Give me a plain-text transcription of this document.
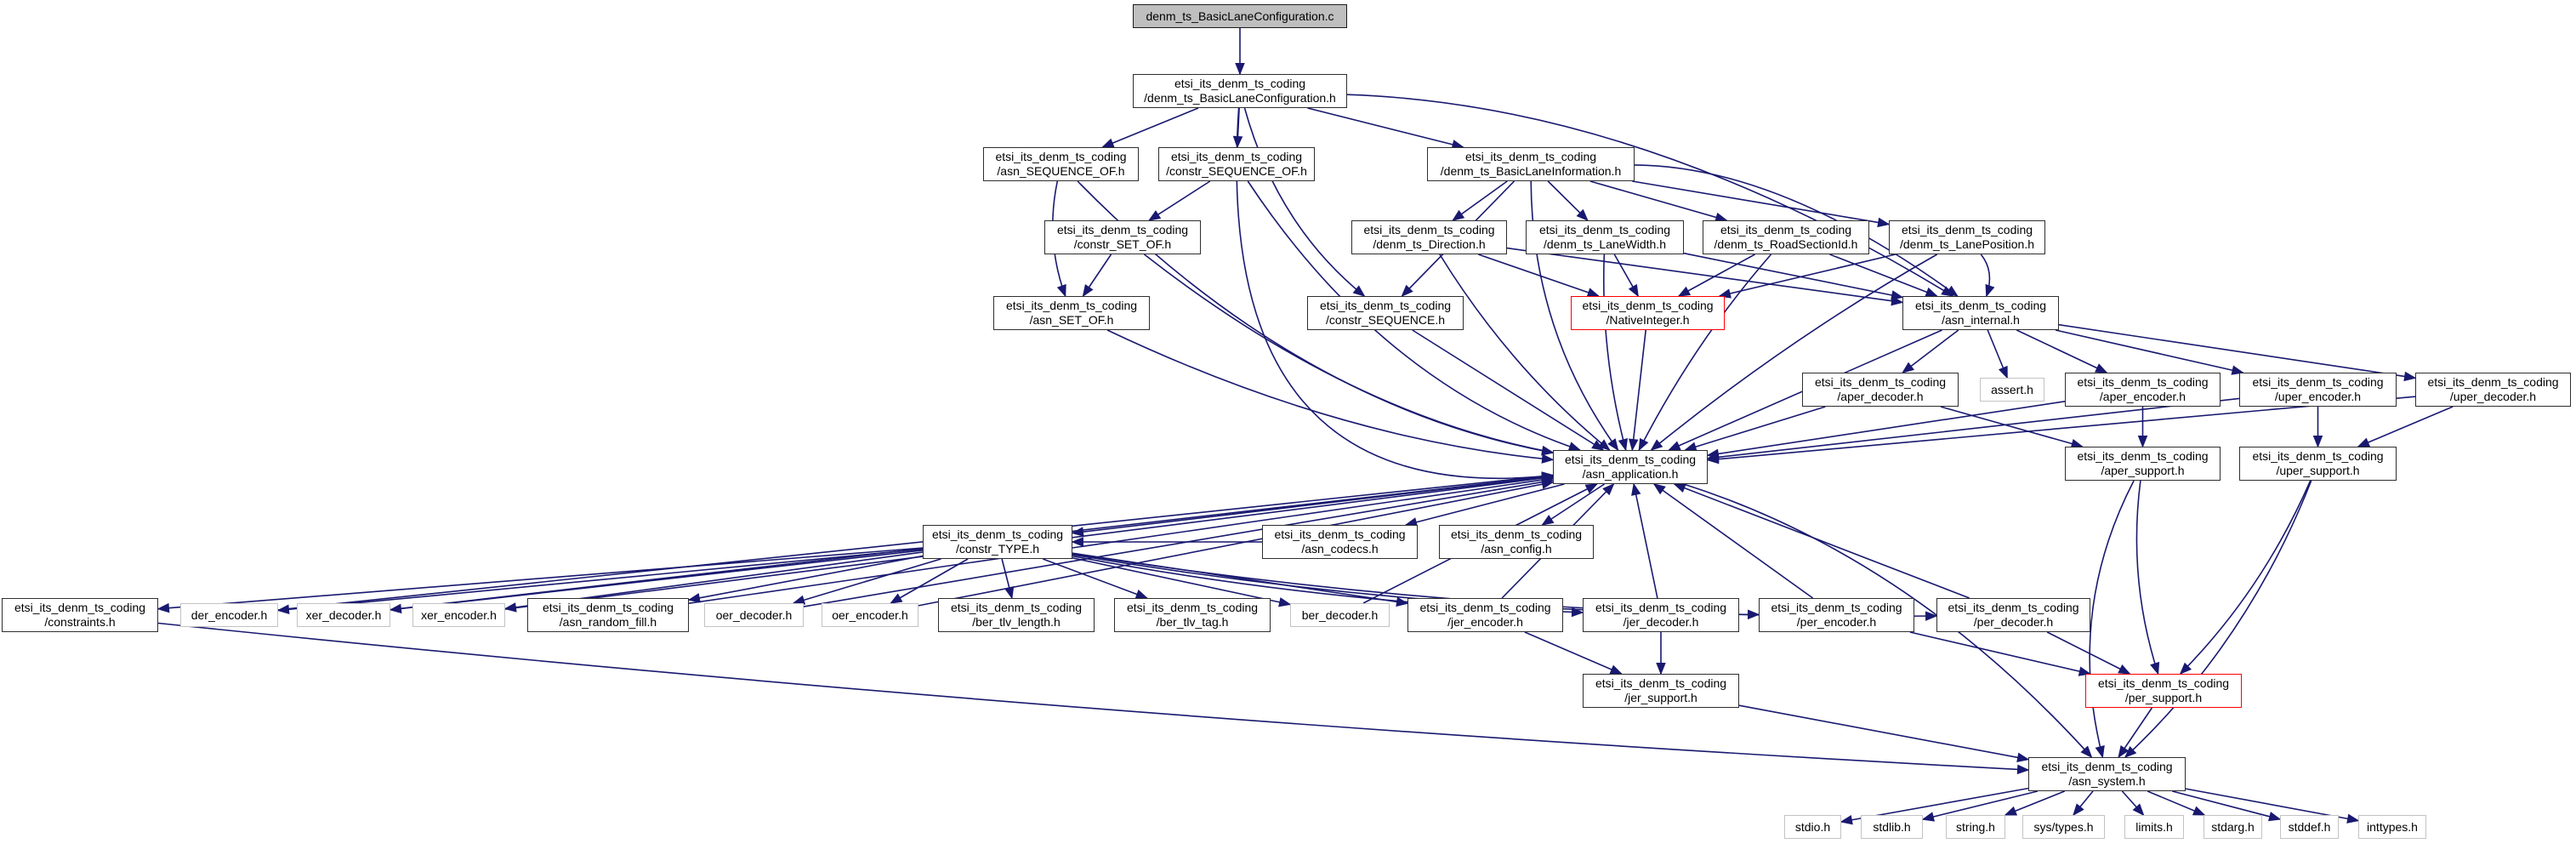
denm_ts_BasicLaneConfiguration.c
etsi_its_denm_ts_coding
/denm_ts_BasicLaneConfiguration.h
etsi_its_denm_ts_coding
/asn_SEQUENCE_OF.h
etsi_its_denm_ts_coding
/constr_SEQUENCE_OF.h
etsi_its_denm_ts_coding
/denm_ts_BasicLaneInformation.h
etsi_its_denm_ts_coding
/constr_SET_OF.h
etsi_its_denm_ts_coding
/denm_ts_Direction.h
etsi_its_denm_ts_coding
/denm_ts_LaneWidth.h
etsi_its_denm_ts_coding
/denm_ts_RoadSectionId.h
etsi_its_denm_ts_coding
/denm_ts_LanePosition.h
etsi_its_denm_ts_coding
/asn_SET_OF.h
etsi_its_denm_ts_coding
/constr_SEQUENCE.h
etsi_its_denm_ts_coding
/NativeInteger.h
etsi_its_denm_ts_coding
/asn_internal.h
etsi_its_denm_ts_coding
/aper_decoder.h
assert.h
etsi_its_denm_ts_coding
/aper_encoder.h
etsi_its_denm_ts_coding
/uper_encoder.h
etsi_its_denm_ts_coding
/uper_decoder.h
etsi_its_denm_ts_coding
/aper_support.h
etsi_its_denm_ts_coding
/uper_support.h
etsi_its_denm_ts_coding
/asn_application.h
etsi_its_denm_ts_coding
/constr_TYPE.h
etsi_its_denm_ts_coding
/asn_codecs.h
etsi_its_denm_ts_coding
/asn_config.h
etsi_its_denm_ts_coding
/constraints.h
der_encoder.h	xer_decoder.h	xer_encoder.h
etsi_its_denm_ts_coding
/asn_random_fill.h
oer_decoder.h	oer_encoder.h
etsi_its_denm_ts_coding
/ber_tlv_length.h
etsi_its_denm_ts_coding
/ber_tlv_tag.h
ber_decoder.h
etsi_its_denm_ts_coding
/jer_encoder.h
etsi_its_denm_ts_coding
/jer_decoder.h
etsi_its_denm_ts_coding
/per_encoder.h
etsi_its_denm_ts_coding
/per_decoder.h
etsi_its_denm_ts_coding
/jer_support.h
etsi_its_denm_ts_coding
/per_support.h
etsi_its_denm_ts_coding
/asn_system.h
stdio.h	stdlib.h	string.h	sys/types.h	limits.h	stdarg.h	stddef.h	inttypes.h
